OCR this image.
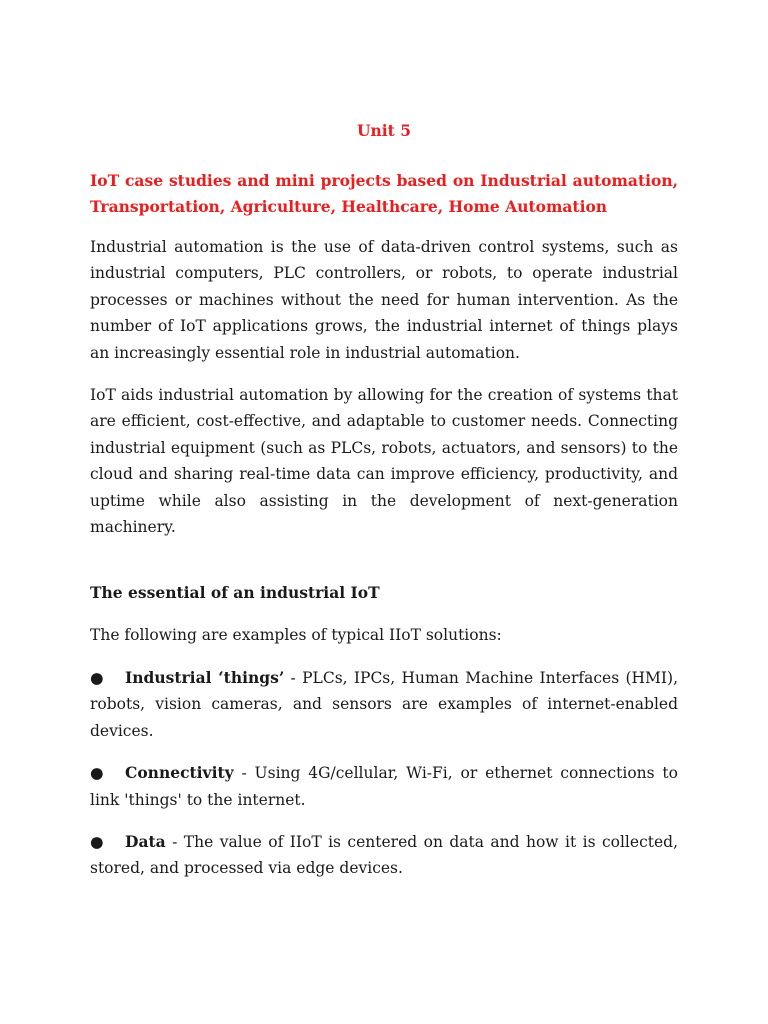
Unit 5
IoT case studies and mini projects based on Industrial automation, Transportation, Agriculture, Healthcare, Home Automation

Industrial automation is the use of data-driven control systems, such as industrial computers, PLC controllers, or robots, to operate industrial processes or machines without the need for human intervention. As the number of IoT applications grows, the industrial internet of things plays an increasingly essential role in industrial automation.

IoT aids industrial automation by allowing for the creation of systems that are efficient, cost-effective, and adaptable to customer needs. Connecting industrial equipment (such as PLCs, robots, actuators, and sensors) to the cloud and sharing real-time data can improve efficiency, productivity, and uptime while also assisting in the development of next-generation machinery.

The essential of an industrial IoT

The following are examples of typical IIoT solutions:

● Industrial ‘things’ - PLCs, IPCs, Human Machine Interfaces (HMI), robots, vision cameras, and sensors are examples of internet-enabled devices.

● Connectivity - Using 4G/cellular, Wi-Fi, or ethernet connections to link 'things' to the internet.

● Data - The value of IIoT is centered on data and how it is collected, stored, and processed via edge devices.
